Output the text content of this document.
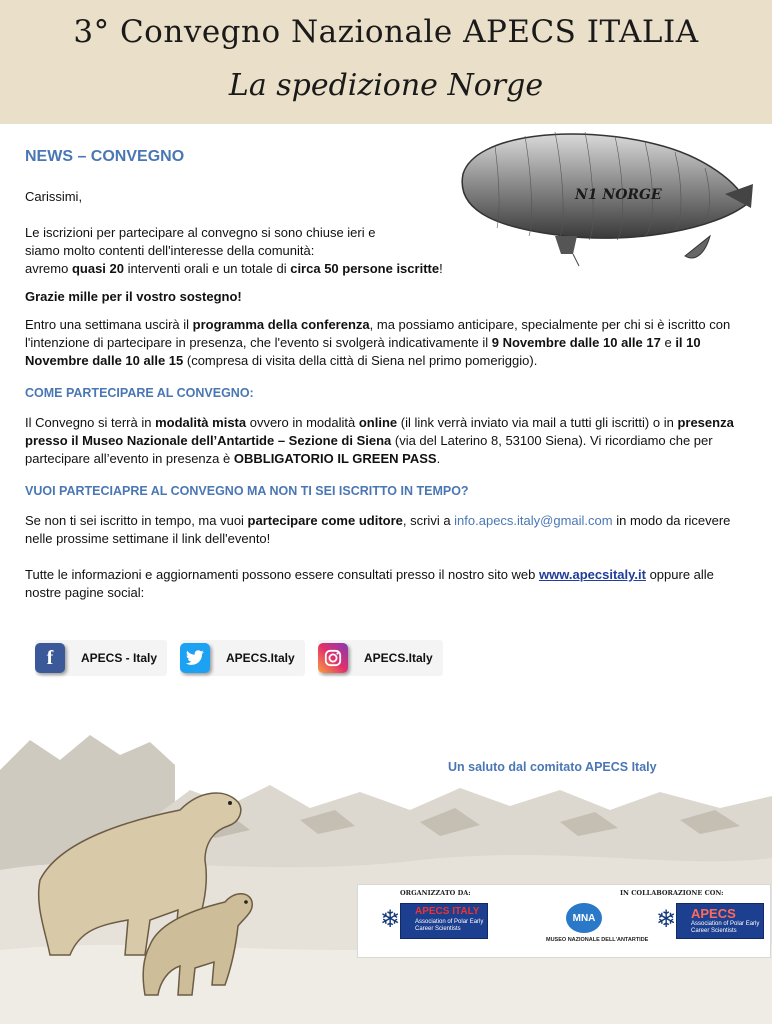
3° Convegno Nazionale APECS ITALIA
La spedizione Norge
N1 NORGE
NEWS – CONVEGNO

Carissimi,

Le iscrizioni per partecipare al convegno si sono chiuse ieri e
siamo molto contenti dell'interesse della comunità:
avremo quasi 20 interventi orali e un totale di circa 50 persone iscritte!

Grazie mille per il vostro sostegno!

Entro una settimana uscirà il programma della conferenza, ma possiamo anticipare, specialmente per chi si è iscritto con l'intenzione di partecipare in presenza, che l'evento si svolgerà indicativamente il 9 Novembre dalle 10 alle 17 e il 10 Novembre dalle 10 alle 15 (compresa di visita della città di Siena nel primo pomeriggio).

COME PARTECIPARE AL CONVEGNO:

Il Convegno si terrà in modalità mista ovvero in modalità online (il link verrà inviato via mail a tutti gli iscritti) o in presenza presso il Museo Nazionale dell’Antartide – Sezione di Siena (via del Laterino 8, 53100 Siena). Vi ricordiamo che per partecipare all’evento in presenza è OBBLIGATORIO IL GREEN PASS.

VUOI PARTECIAPRE AL CONVEGNO MA NON TI SEI ISCRITTO IN TEMPO?

Se non ti sei iscritto in tempo, ma vuoi partecipare come uditore, scrivi a info.apecs.italy@gmail.com in modo da ricevere nelle prossime settimane il link dell'evento!

Tutte le informazioni e aggiornamenti possono essere consultati presso il nostro sito web www.apecsitaly.it oppure alle nostre pagine social:

f	APECS - Italy	APECS.Italy	APECS.Italy
Un saluto dal comitato APECS Italy
ORGANIZZATO DA:	IN COLLABORAZIONE CON:
❄ APECS ITALY
Association of Polar Early Career Scientists
MNA
MUSEO NAZIONALE DELL'ANTARTIDE
❄ APECS
Association of Polar Early Career Scientists
